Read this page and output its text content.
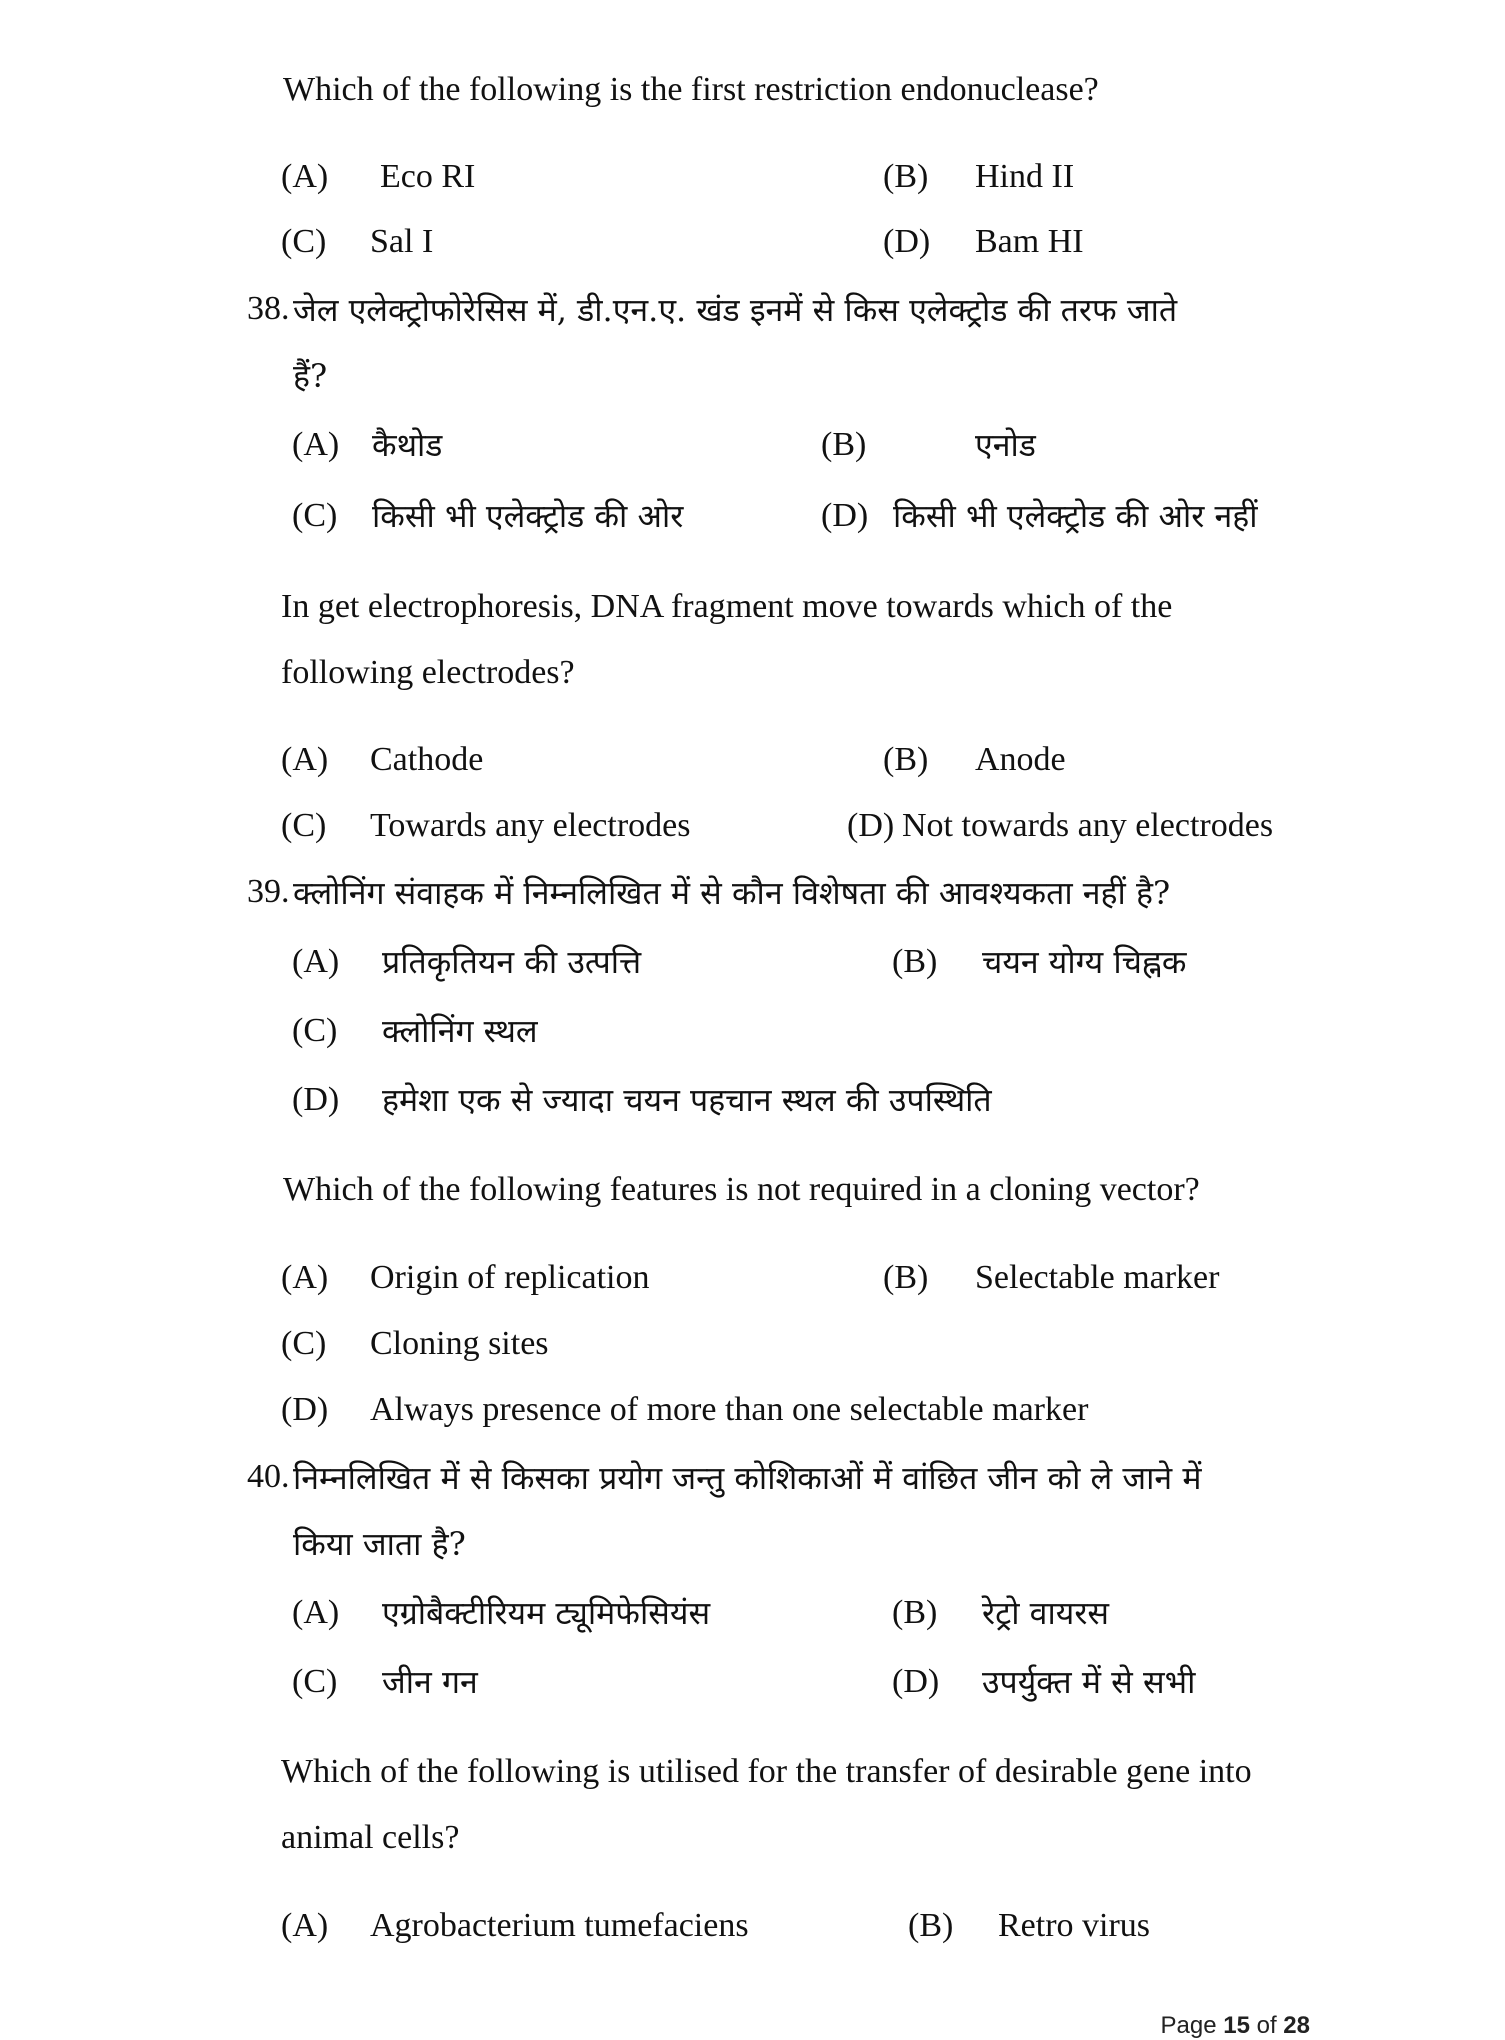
Which of the following is the first restriction endonuclease?
(A) Eco RI	(B) Hind II
(C) Sal I	(D) Bam HI
38. जेल एलेक्ट्रोफोरेसिस में, डी.एन.ए. खंड इनमें से किस एलेक्ट्रोड की तरफ जाते
हैं?
(A) कैथोड	(B)	एनोड
(C) किसी भी एलेक्ट्रोड की ओर	(D) किसी भी एलेक्ट्रोड की ओर नहीं
In get electrophoresis, DNA fragment move towards which of the
following electrodes?
(A) Cathode	(B) Anode
(C) Towards any electrodes	(D) Not towards any electrodes
39. क्लोनिंग संवाहक में निम्नलिखित में से कौन विशेषता की आवश्यकता नहीं है?
(A) प्रतिकृतियन की उत्पत्ति	(B) चयन योग्य चिह्नक
(C) क्लोनिंग स्थल
(D) हमेशा एक से ज्यादा चयन पहचान स्थल की उपस्थिति
Which of the following features is not required in a cloning vector?
(A) Origin of replication	(B) Selectable marker
(C) Cloning sites
(D) Always presence of more than one selectable marker
40. निम्नलिखित में से किसका प्रयोग जन्तु कोशिकाओं में वांछित जीन को ले जाने में
किया जाता है?
(A) एग्रोबैक्टीरियम ट्यूमिफेसियंस	(B) रेट्रो वायरस
(C) जीन गन	(D) उपर्युक्त में से सभी
Which of the following is utilised for the transfer of desirable gene into
animal cells?
(A) Agrobacterium tumefaciens	(B) Retro virus
Page 15 of 28
